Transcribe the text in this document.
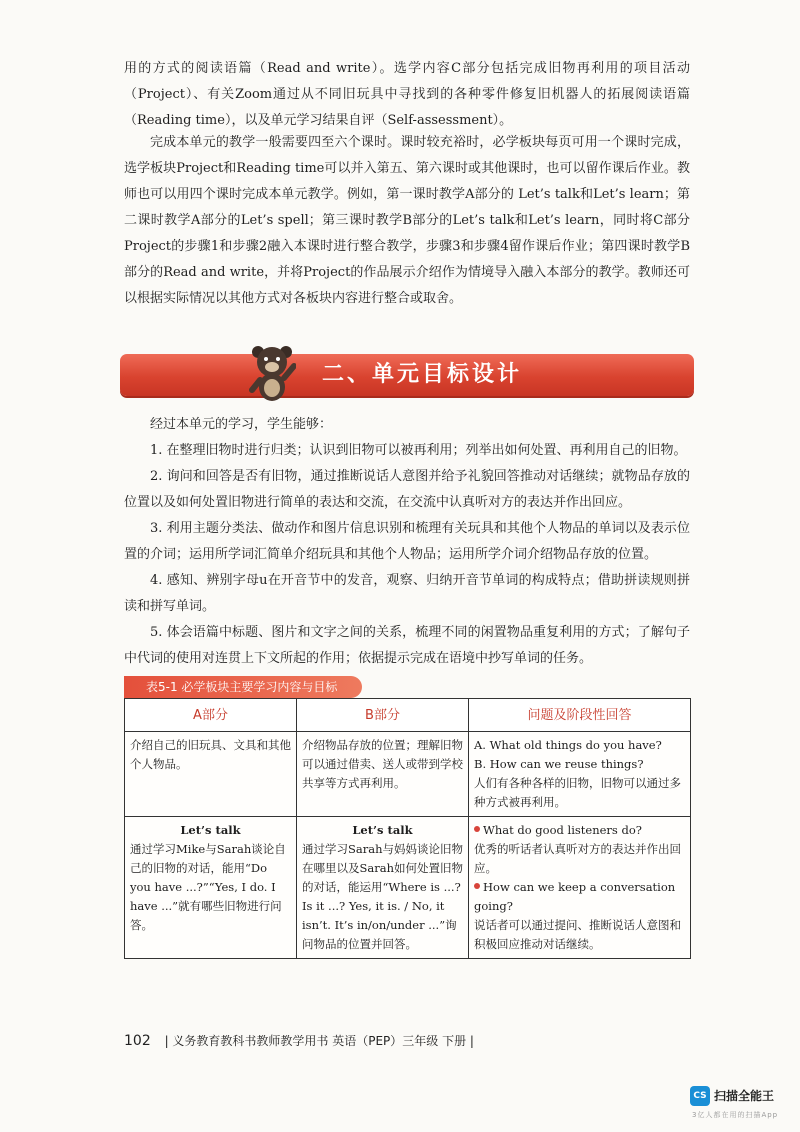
用的方式的阅读语篇（Read and write）。选学内容C部分包括完成旧物再利用的项目活动（Project）、有关Zoom通过从不同旧玩具中寻找到的各种零件修复旧机器人的拓展阅读语篇（Reading time），以及单元学习结果自评（Self-assessment）。

完成本单元的教学一般需要四至六个课时。课时较充裕时，必学板块每页可用一个课时完成，选学板块Project和Reading time可以并入第五、第六课时或其他课时，也可以留作课后作业。教师也可以用四个课时完成本单元教学。例如，第一课时教学A部分的 Let’s talk和Let’s learn；第二课时教学A部分的Let’s spell；第三课时教学B部分的Let’s talk和Let’s learn，同时将C部分Project的步骤1和步骤2融入本课时进行整合教学，步骤3和步骤4留作课后作业；第四课时教学B部分的Read and write，并将Project的作品展示介绍作为情境导入融入本部分的教学。教师还可以根据实际情况以其他方式对各板块内容进行整合或取舍。

二、单元目标设计

经过本单元的学习，学生能够：

1. 在整理旧物时进行归类；认识到旧物可以被再利用；列举出如何处置、再利用自己的旧物。

2. 询问和回答是否有旧物，通过推断说话人意图并给予礼貌回答推动对话继续；就物品存放的位置以及如何处置旧物进行简单的表达和交流，在交流中认真听对方的表达并作出回应。

3. 利用主题分类法、做动作和图片信息识别和梳理有关玩具和其他个人物品的单词以及表示位置的介词；运用所学词汇简单介绍玩具和其他个人物品；运用所学介词介绍物品存放的位置。

4. 感知、辨别字母u在开音节中的发音，观察、归纳开音节单词的构成特点；借助拼读规则拼读和拼写单词。

5. 体会语篇中标题、图片和文字之间的关系，梳理不同的闲置物品重复利用的方式；了解句子中代词的使用对连贯上下文所起的作用；依据提示完成在语境中抄写单词的任务。

表5-1 必学板块主要学习内容与目标
A部分	B部分	问题及阶段性回答
介绍自己的旧玩具、文具和其他个人物品。	介绍物品存放的位置；理解旧物可以通过借卖、送人或带到学校共享等方式再利用。	A. What old things do you have?
B. How can we reuse things?
人们有各种各样的旧物，旧物可以通过多种方式被再利用。

Let’s talk
通过学习Mike与Sarah谈论自己的旧物的对话，能用“Do you have ...?”“Yes, I do. I have ...”就有哪些旧物进行问答。	Let’s talk
通过学习Sarah与妈妈谈论旧物在哪里以及Sarah如何处置旧物的对话，能运用“Where is ...? Is it ...? Yes, it is. / No, it isn’t. It’s in/on/under ...”询问物品的位置并回答。	What do good listeners do?
优秀的听话者认真听对方的表达并作出回应。
How can we keep a conversation going?
说话者可以通过提问、推断说话人意图和积极回应推动对话继续。
102 | 义务教育教科书教师教学用书 英语（PEP）三年级 下册 |
CS 扫描全能王
3亿人都在用的扫描App
